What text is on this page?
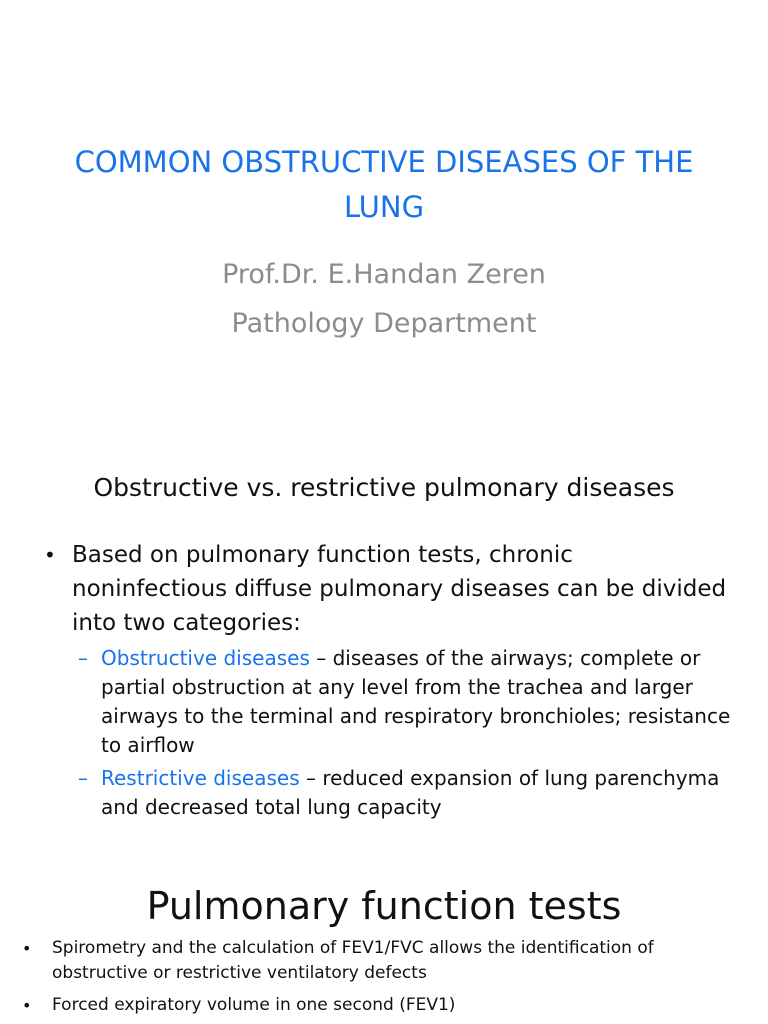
COMMON OBSTRUCTIVE DISEASES OF THE LUNG
Prof.Dr. E.Handan Zeren
Pathology Department
Obstructive vs. restrictive pulmonary diseases
• Based on pulmonary function tests, chronic noninfectious diffuse pulmonary diseases can be divided into two categories:
– Obstructive diseases – diseases of the airways; complete or partial obstruction at any level from the trachea and larger airways to the terminal and respiratory bronchioles; resistance to airflow
– Restrictive diseases – reduced expansion of lung parenchyma and decreased total lung capacity
Pulmonary function tests
•	Spirometry and the calculation of FEV1/FVC allows the identification of obstructive or restrictive ventilatory defects
•	Forced expiratory volume in one second (FEV1)
